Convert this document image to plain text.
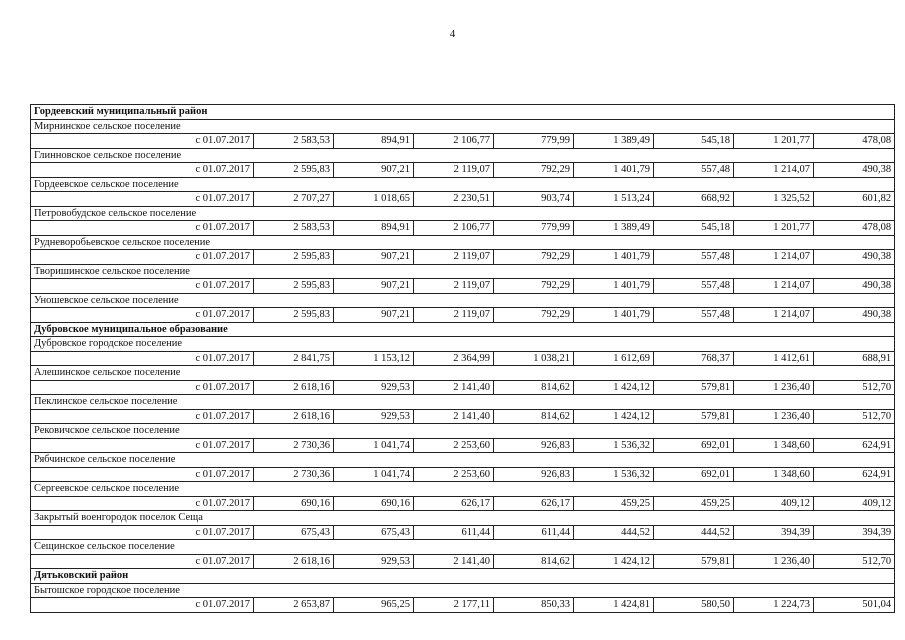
4
Гордеевский муниципальный район								
Мирнинское сельское поселение								
с 01.07.2017	2 583,53	894,91	2 106,77	779,99	1 389,49	545,18	1 201,77	478,08
Глинновское сельское поселение								
с 01.07.2017	2 595,83	907,21	2 119,07	792,29	1 401,79	557,48	1 214,07	490,38
Гордеевское сельское поселение								
с 01.07.2017	2 707,27	1 018,65	2 230,51	903,74	1 513,24	668,92	1 325,52	601,82
Петровобудское сельское поселение								
с 01.07.2017	2 583,53	894,91	2 106,77	779,99	1 389,49	545,18	1 201,77	478,08
Рудневоробьевское сельское поселение								
с 01.07.2017	2 595,83	907,21	2 119,07	792,29	1 401,79	557,48	1 214,07	490,38
Творишинское сельское поселение								
с 01.07.2017	2 595,83	907,21	2 119,07	792,29	1 401,79	557,48	1 214,07	490,38
Уношевское сельское поселение								
с 01.07.2017	2 595,83	907,21	2 119,07	792,29	1 401,79	557,48	1 214,07	490,38
Дубровское муниципальное образование								
Дубровское городское поселение								
с 01.07.2017	2 841,75	1 153,12	2 364,99	1 038,21	1 612,69	768,37	1 412,61	688,91
Алешинское сельское поселение								
с 01.07.2017	2 618,16	929,53	2 141,40	814,62	1 424,12	579,81	1 236,40	512,70
Пеклинское сельское поселение								
с 01.07.2017	2 618,16	929,53	2 141,40	814,62	1 424,12	579,81	1 236,40	512,70
Рековичское сельское поселение								
с 01.07.2017	2 730,36	1 041,74	2 253,60	926,83	1 536,32	692,01	1 348,60	624,91
Рябчинское сельское поселение								
с 01.07.2017	2 730,36	1 041,74	2 253,60	926,83	1 536,32	692,01	1 348,60	624,91
Сергеевское сельское поселение								
с 01.07.2017	690,16	690,16	626,17	626,17	459,25	459,25	409,12	409,12
Закрытый военгородок поселок Сеща								
с 01.07.2017	675,43	675,43	611,44	611,44	444,52	444,52	394,39	394,39
Сещинское сельское поселение								
с 01.07.2017	2 618,16	929,53	2 141,40	814,62	1 424,12	579,81	1 236,40	512,70
Дятьковский район								
Бытошское городское поселение								
с 01.07.2017	2 653,87	965,25	2 177,11	850,33	1 424,81	580,50	1 224,73	501,04
